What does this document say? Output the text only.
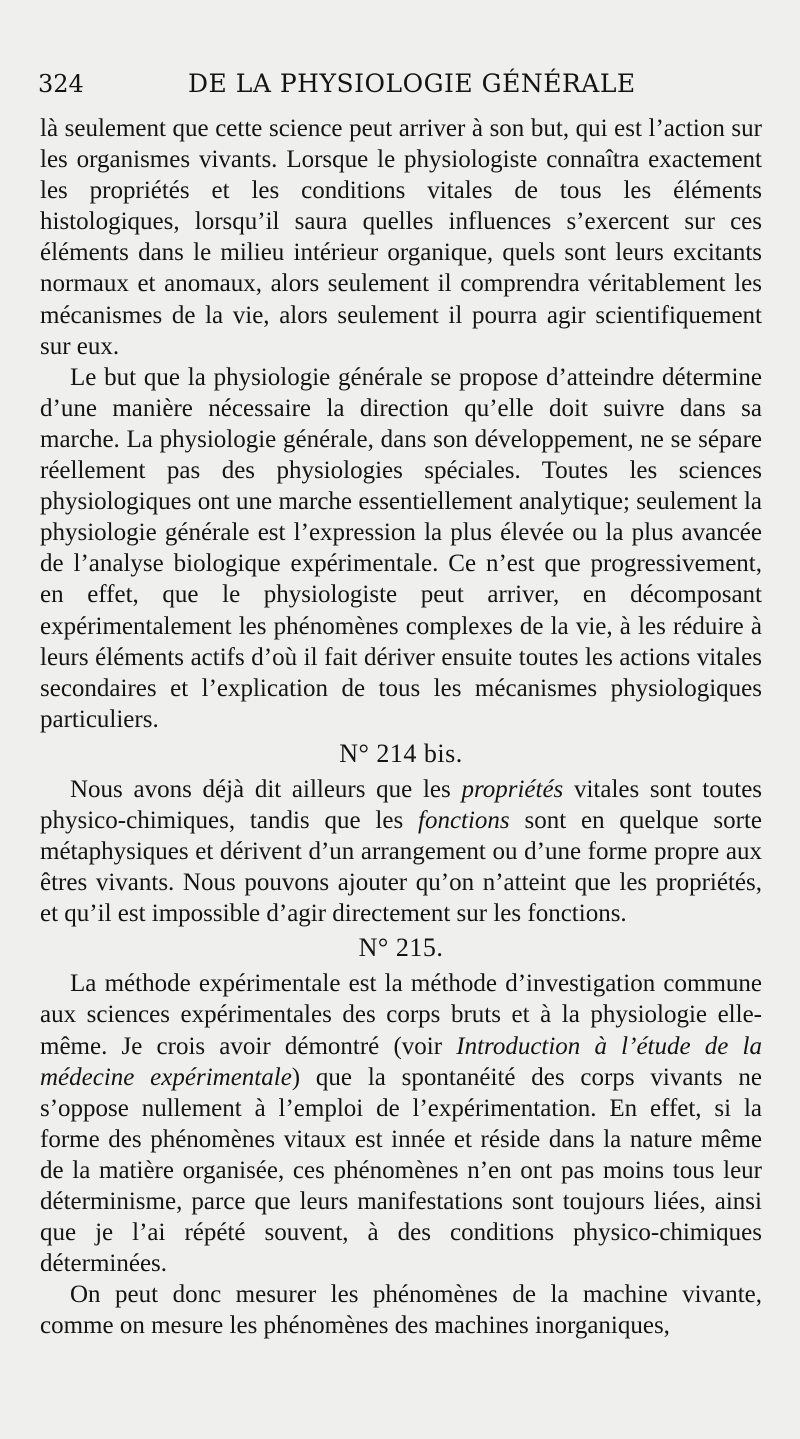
324	DE LA PHYSIOLOGIE GÉNÉRALE

là seulement que cette science peut arriver à son but, qui est l’action sur les organismes vivants. Lorsque le physiologiste connaîtra exactement les propriétés et les conditions vitales de tous les éléments histologiques, lorsqu’il saura quelles influences s’exercent sur ces éléments dans le milieu intérieur organique, quels sont leurs excitants normaux et anomaux, alors seulement il comprendra véritablement les mécanismes de la vie, alors seulement il pourra agir scientifiquement sur eux.

Le but que la physiologie générale se propose d’atteindre détermine d’une manière nécessaire la direction qu’elle doit suivre dans sa marche. La physiologie générale, dans son développement, ne se sépare réellement pas des physiologies spéciales. Toutes les sciences physiologiques ont une marche essentiellement analytique; seulement la physiologie générale est l’expression la plus élevée ou la plus avancée de l’analyse biologique expérimentale. Ce n’est que progressivement, en effet, que le physiologiste peut arriver, en décomposant expérimentalement les phénomènes complexes de la vie, à les réduire à leurs éléments actifs d’où il fait dériver ensuite toutes les actions vitales secondaires et l’explication de tous les mécanismes physiologiques particuliers.

N° 214 bis.

Nous avons déjà dit ailleurs que les propriétés vitales sont toutes physico-chimiques, tandis que les fonctions sont en quelque sorte métaphysiques et dérivent d’un arrangement ou d’une forme propre aux êtres vivants. Nous pouvons ajouter qu’on n’atteint que les propriétés, et qu’il est impossible d’agir directement sur les fonctions.

N° 215.

La méthode expérimentale est la méthode d’investigation commune aux sciences expérimentales des corps bruts et à la physiologie elle-même. Je crois avoir démontré (voir Introduction à l’étude de la médecine expérimentale) que la spontanéité des corps vivants ne s’oppose nullement à l’emploi de l’expérimentation. En effet, si la forme des phénomènes vitaux est innée et réside dans la nature même de la matière organisée, ces phénomènes n’en ont pas moins tous leur déterminisme, parce que leurs manifestations sont toujours liées, ainsi que je l’ai répété souvent, à des conditions physico-chimiques déterminées.

On peut donc mesurer les phénomènes de la machine vivante, comme on mesure les phénomènes des machines inorganiques,
